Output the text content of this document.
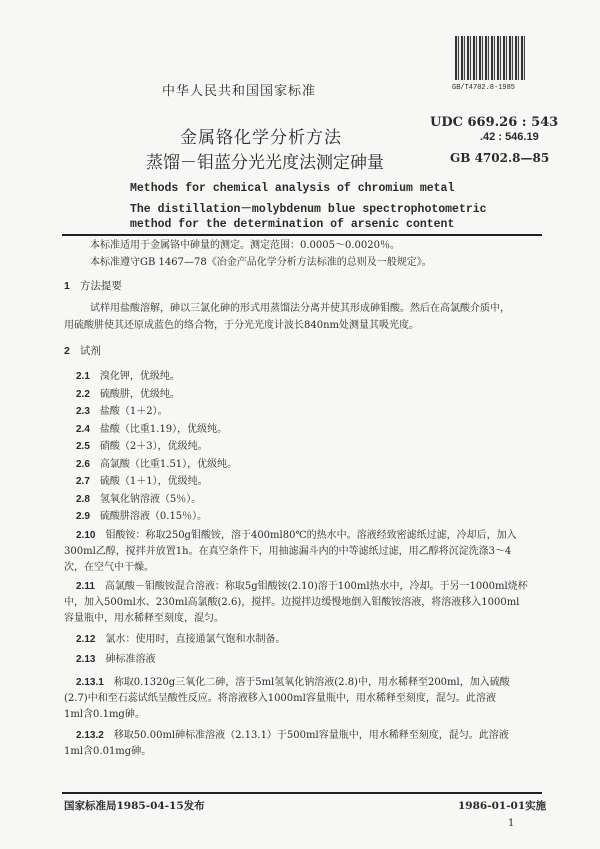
GB/T4702.8-1985
中华人民共和国国家标准
UDC 669.26 : 543
.42 : 546.19
GB 4702.8—85
金属铬化学分析方法
蒸馏－钼蓝分光光度法测定砷量
Methods for chemical analysis of chromium metal
The distillation－molybdenum blue spectrophotometric
method for the determination of arsenic content
本标准适用于金属铬中砷量的测定。测定范围：0.0005～0.0020％。
本标准遵守GB 1467—78《冶金产品化学分析方法标准的总则及一般规定》。
1 方法提要
试样用盐酸溶解，砷以三氯化砷的形式用蒸馏法分离并使其形成砷钼酸。然后在高氯酸介质中，
用硫酸肼使其还原成蓝色的络合物，于分光光度计波长840nm处测量其吸光度。
2 试剂
2.1 溴化钾，优级纯。
2.2 硫酸肼，优级纯。
2.3 盐酸（1＋2）。
2.4 盐酸（比重1.19），优级纯。
2.5 硝酸（2＋3），优级纯。
2.6 高氯酸（比重1.51），优级纯。
2.7 硫酸（1＋1），优级纯。
2.8 氢氧化钠溶液（5％）。
2.9 硫酸肼溶液（0.15％）。
2.10 钼酸铵：称取250g钼酸铵，溶于400ml80℃的热水中。溶液经致密滤纸过滤，冷却后，加入
300ml乙醇，搅拌并放置1h。在真空条件下，用抽滤漏斗内的中等滤纸过滤，用乙醇将沉淀洗涤3～4
次，在空气中干燥。
2.11 高氯酸－钼酸铵混合溶液：称取5g钼酸铵(2.10)溶于100ml热水中，冷却。于另一1000ml烧杯
中，加入500ml水、230ml高氯酸(2.6)，搅拌。边搅拌边缓慢地倒入钼酸铵溶液，将溶液移入1000ml
容量瓶中，用水稀释至刻度，混匀。
2.12 氯水：使用时，直接通氯气饱和水制备。
2.13 砷标准溶液
2.13.1 称取0.1320g三氧化二砷，溶于5ml氢氧化钠溶液(2.8)中，用水稀释至200ml，加入硫酸
(2.7)中和至石蕊试纸呈酸性反应。将溶液移入1000ml容量瓶中，用水稀释至刻度，混匀。此溶液
1ml含0.1mg砷。
2.13.2 移取50.00ml砷标准溶液（2.13.1）于500ml容量瓶中，用水稀释至刻度，混匀。此溶液
1ml含0.01mg砷。
国家标准局1985-04-15发布	1986-01-01实施
1
